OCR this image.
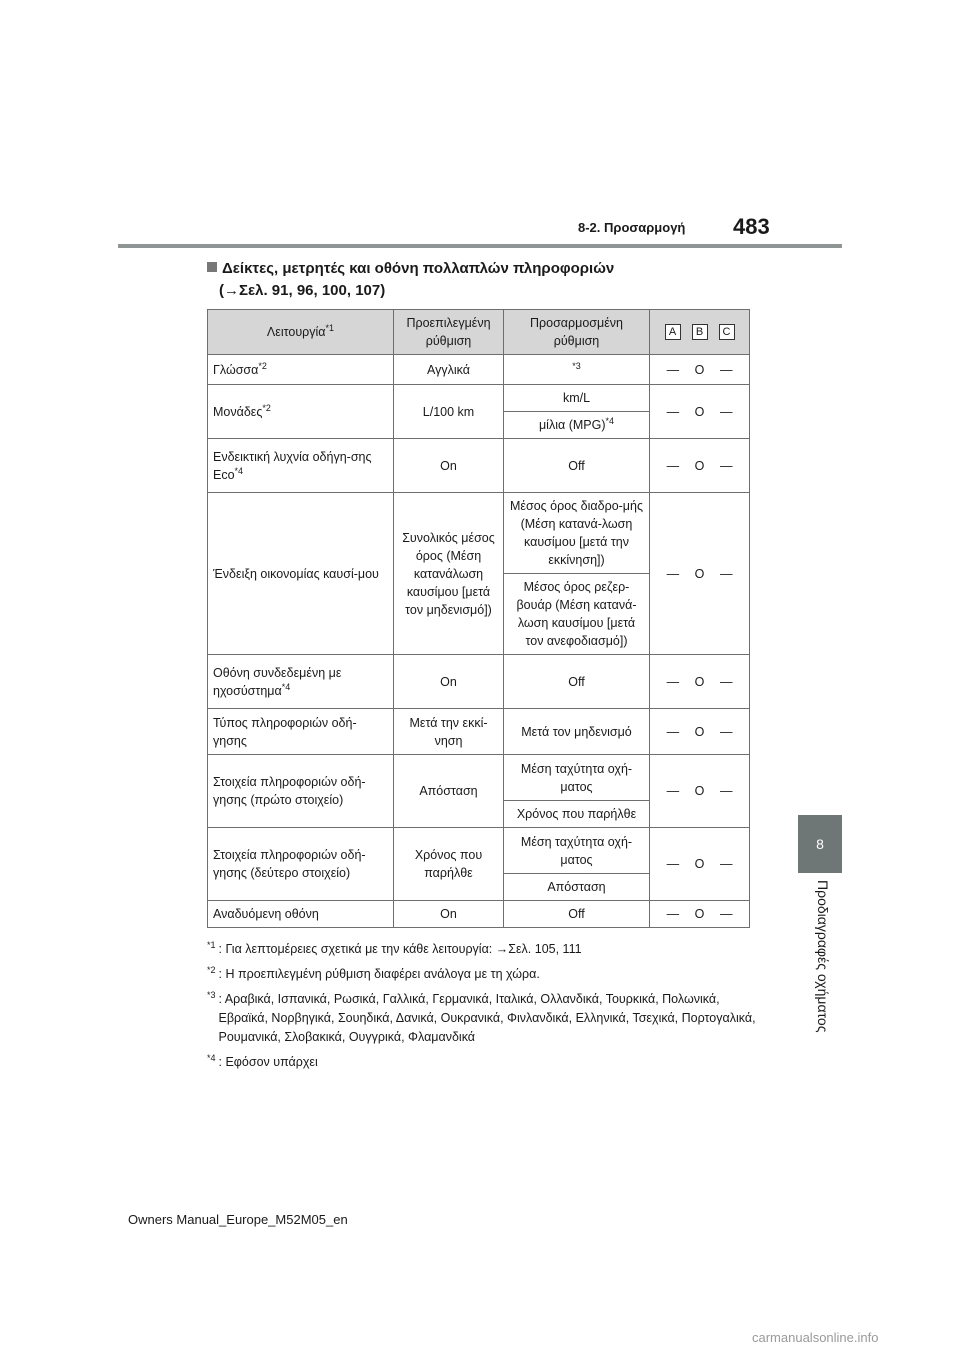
8-2. Προσαρμογή 483
8
Προδιαγραφές οχήματος
Δείκτες, μετρητές και οθόνη πολλαπλών πληροφοριών
(→Σελ. 91, 96, 100, 107)
Λειτουργία$^{*1}$	Προεπιλεγμένη ρύθμιση	Προσαρμοσμένη ρύθμιση	A B C

Γλώσσα$^{*2}$	Αγγλικά	$^{*3}$	— O —
Μονάδες$^{*2}$	L/100 km	km/L	— O —
		μίλια (MPG)$^{*4}$
Ενδεικτική λυχνία οδήγη-σης Eco$^{*4}$	On	Off	— O —
Ένδειξη οικονομίας καυσί-μου	Συνολικός μέσος όρος (Μέση κατανάλωση καυσίμου [μετά τον μηδενισμό])	Μέσος όρος διαδρο-μής (Μέση κατανά-λωση καυσίμου [μετά την εκκίνηση])	— O —
		Μέσος όρος ρεζερ-βουάρ (Μέση κατανά-λωση καυσίμου [μετά τον ανεφοδιασμό])	
Οθόνη συνδεδεμένη με ηχοσύστημα$^{*4}$	On	Off	— O —
Τύπος πληροφοριών οδή-γησης	Μετά την εκκί-νηση	Μετά τον μηδενισμό	— O —
Στοιχεία πληροφοριών οδή-γησης (πρώτο στοιχείο)	Απόσταση	Μέση ταχύτητα οχή-ματος	— O —
		Χρόνος που παρήλθε	
Στοιχεία πληροφοριών οδή-γησης (δεύτερο στοιχείο)	Χρόνος που παρήλθε	Μέση ταχύτητα οχή-ματος	— O —
		Απόσταση	
Αναδυόμενη οθόνη	On	Off	— O —
$^{*1}$ : Για λεπτομέρειες σχετικά με την κάθε λειτουργία: →Σελ. 105, 111
$^{*2}$ : Η προεπιλεγμένη ρύθμιση διαφέρει ανάλογα με τη χώρα.
$^{*3}$ : Αραβικά, Ισπανικά, Ρωσικά, Γαλλικά, Γερμανικά, Ιταλικά, Ολλανδικά, Τουρκικά, Πολωνικά, Εβραϊκά, Νορβηγικά, Σουηδικά, Δανικά, Ουκρανικά, Φινλανδικά, Ελληνικά, Τσεχικά, Πορτογαλικά, Ρουμανικά, Σλοβακικά, Ουγγρικά, Φλαμανδικά
$^{*4}$ : Εφόσον υπάρχει
Owners Manual_Europe_M52M05_en
carmanualsonline.info
